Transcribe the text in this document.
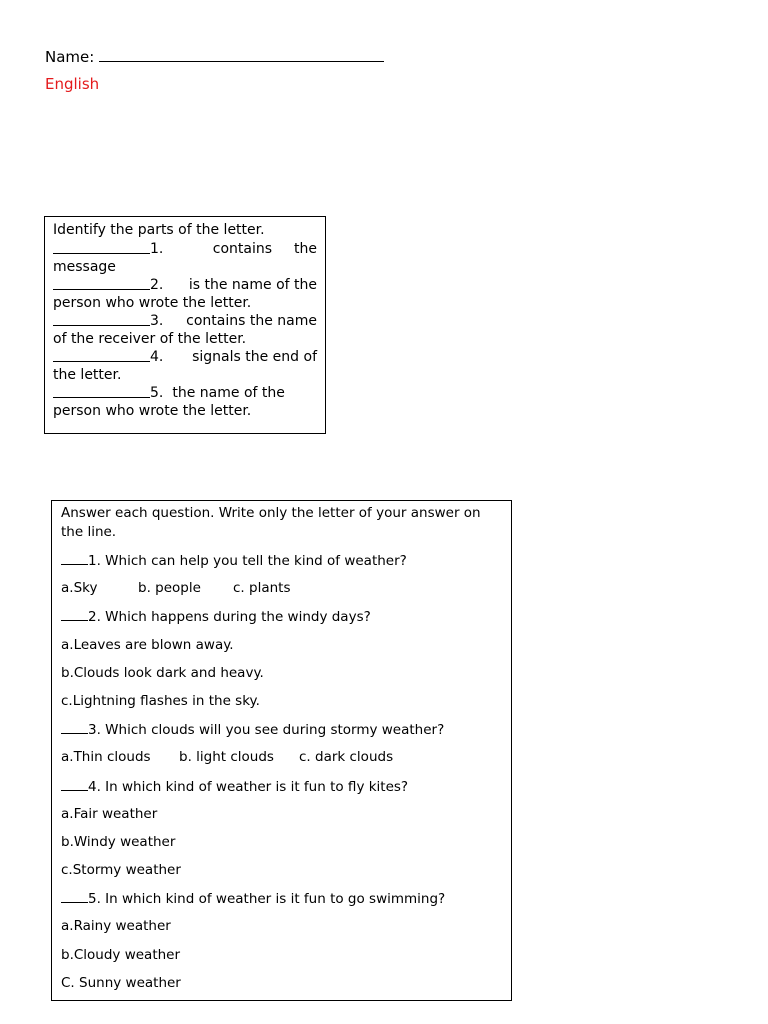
Name:
English
Identify the parts of the letter.
1.	contains the
message
2. is the name of the
person who wrote the letter.
3. contains the name
of the receiver of the letter.
4. signals the end of
the letter.
5. the name of the
person who wrote the letter.
Answer each question. Write only the letter of your answer on the line.
1. Which can help you tell the kind of weather?
a.Sky	b. people c. plants
2. Which happens during the windy days?
a.Leaves are blown away.
b.Clouds look dark and heavy.
c.Lightning flashes in the sky.
3. Which clouds will you see during stormy weather?
a.Thin clouds b. light clouds c. dark clouds
4. In which kind of weather is it fun to fly kites?
a.Fair weather
b.Windy weather
c.Stormy weather
5. In which kind of weather is it fun to go swimming?
a.Rainy weather
b.Cloudy weather
C. Sunny weather
